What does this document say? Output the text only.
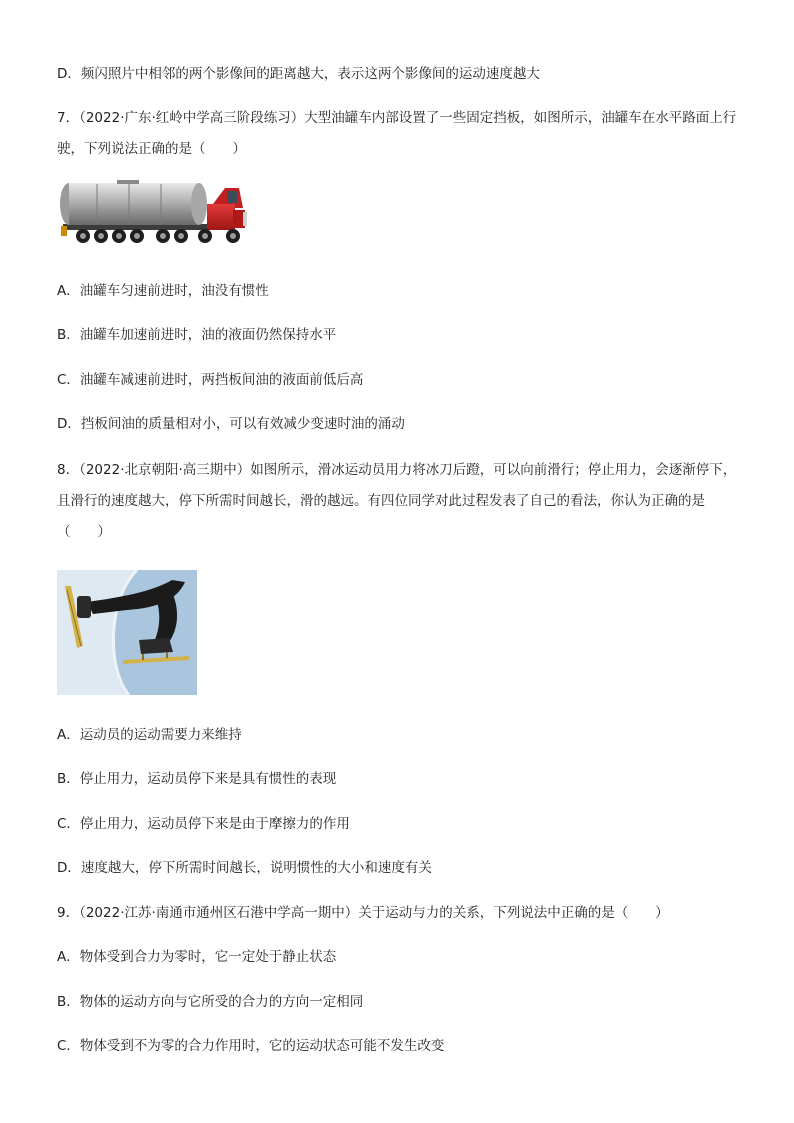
D．频闪照片中相邻的两个影像间的距离越大，表示这两个影像间的运动速度越大
7．（2022·广东·红岭中学高三阶段练习）大型油罐车内部设置了一些固定挡板，如图所示，油罐车在水平路面上行驶，下列说法正确的是（　　）
A．油罐车匀速前进时，油没有惯性
B．油罐车加速前进时，油的液面仍然保持水平
C．油罐车减速前进时，两挡板间油的液面前低后高
D．挡板间油的质量相对小，可以有效减少变速时油的涌动
8．（2022·北京朝阳·高三期中）如图所示，滑冰运动员用力将冰刀后蹬，可以向前滑行；停止用力，会逐渐停下，且滑行的速度越大，停下所需时间越长，滑的越远。有四位同学对此过程发表了自己的看法，你认为正确的是（　　）
A．运动员的运动需要力来维持
B．停止用力，运动员停下来是具有惯性的表现
C．停止用力，运动员停下来是由于摩擦力的作用
D．速度越大，停下所需时间越长，说明惯性的大小和速度有关
9．（2022·江苏·南通市通州区石港中学高一期中）关于运动与力的关系，下列说法中正确的是（　　）
A．物体受到合力为零时，它一定处于静止状态
B．物体的运动方向与它所受的合力的方向一定相同
C．物体受到不为零的合力作用时，它的运动状态可能不发生改变
